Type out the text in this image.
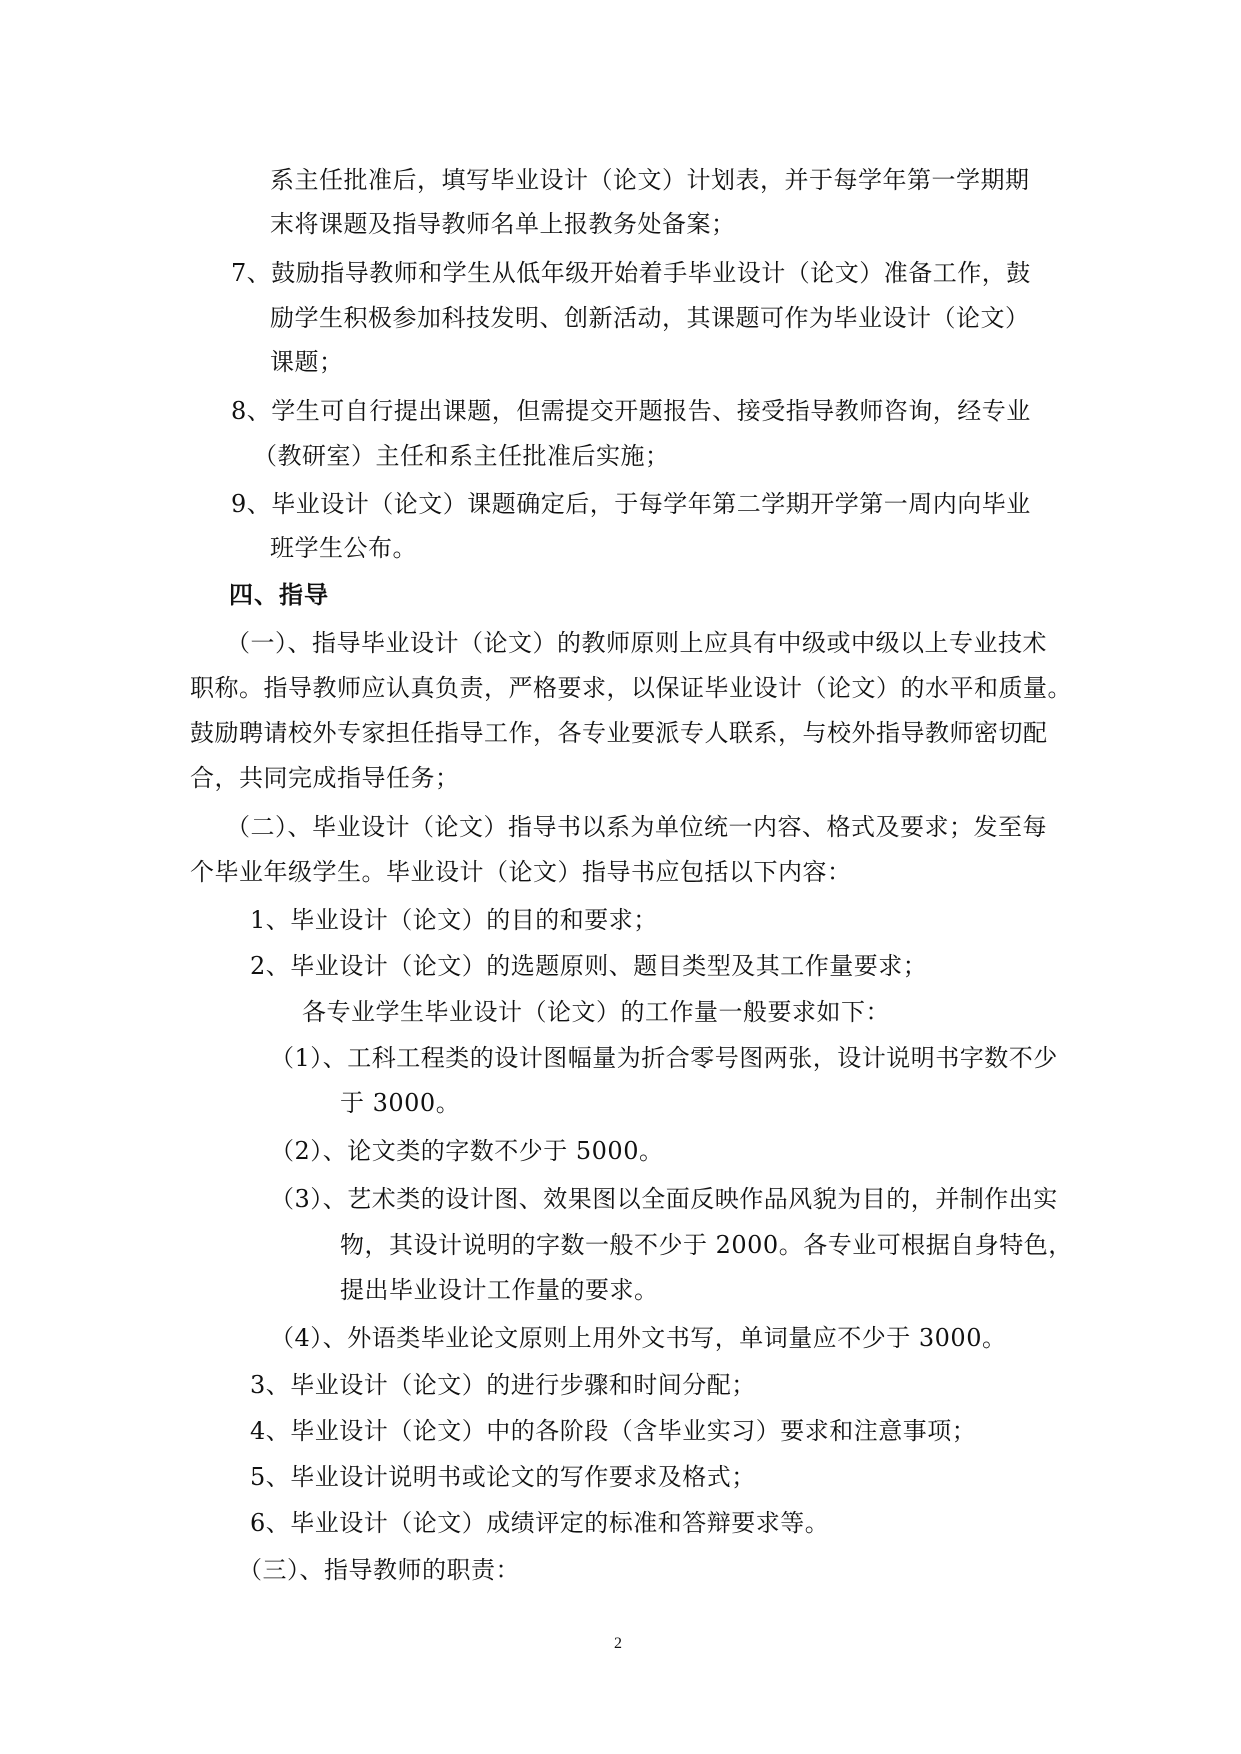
系主任批准后，填写毕业设计（论文）计划表，并于每学年第一学期期
末将课题及指导教师名单上报教务处备案；
7、鼓励指导教师和学生从低年级开始着手毕业设计（论文）准备工作，鼓
励学生积极参加科技发明、创新活动，其课题可作为毕业设计（论文）
课题；
8、学生可自行提出课题，但需提交开题报告、接受指导教师咨询，经专业
（教研室）主任和系主任批准后实施；
9、毕业设计（论文）课题确定后，于每学年第二学期开学第一周内向毕业
班学生公布。
四、指导
（一）、指导毕业设计（论文）的教师原则上应具有中级或中级以上专业技术
职称。指导教师应认真负责，严格要求，以保证毕业设计（论文）的水平和质量。
鼓励聘请校外专家担任指导工作，各专业要派专人联系，与校外指导教师密切配
合，共同完成指导任务；
（二）、毕业设计（论文）指导书以系为单位统一内容、格式及要求；发至每
个毕业年级学生。毕业设计（论文）指导书应包括以下内容：
1、毕业设计（论文）的目的和要求；
2、毕业设计（论文）的选题原则、题目类型及其工作量要求；
各专业学生毕业设计（论文）的工作量一般要求如下：
（1）、工科工程类的设计图幅量为折合零号图两张，设计说明书字数不少
于 3000。
（2）、论文类的字数不少于 5000。
（3）、艺术类的设计图、效果图以全面反映作品风貌为目的，并制作出实
物，其设计说明的字数一般不少于 2000。各专业可根据自身特色，
提出毕业设计工作量的要求。
（4）、外语类毕业论文原则上用外文书写，单词量应不少于 3000。
3、毕业设计（论文）的进行步骤和时间分配；
4、毕业设计（论文）中的各阶段（含毕业实习）要求和注意事项；
5、毕业设计说明书或论文的写作要求及格式；
6、毕业设计（论文）成绩评定的标准和答辩要求等。
（三）、指导教师的职责：
2
